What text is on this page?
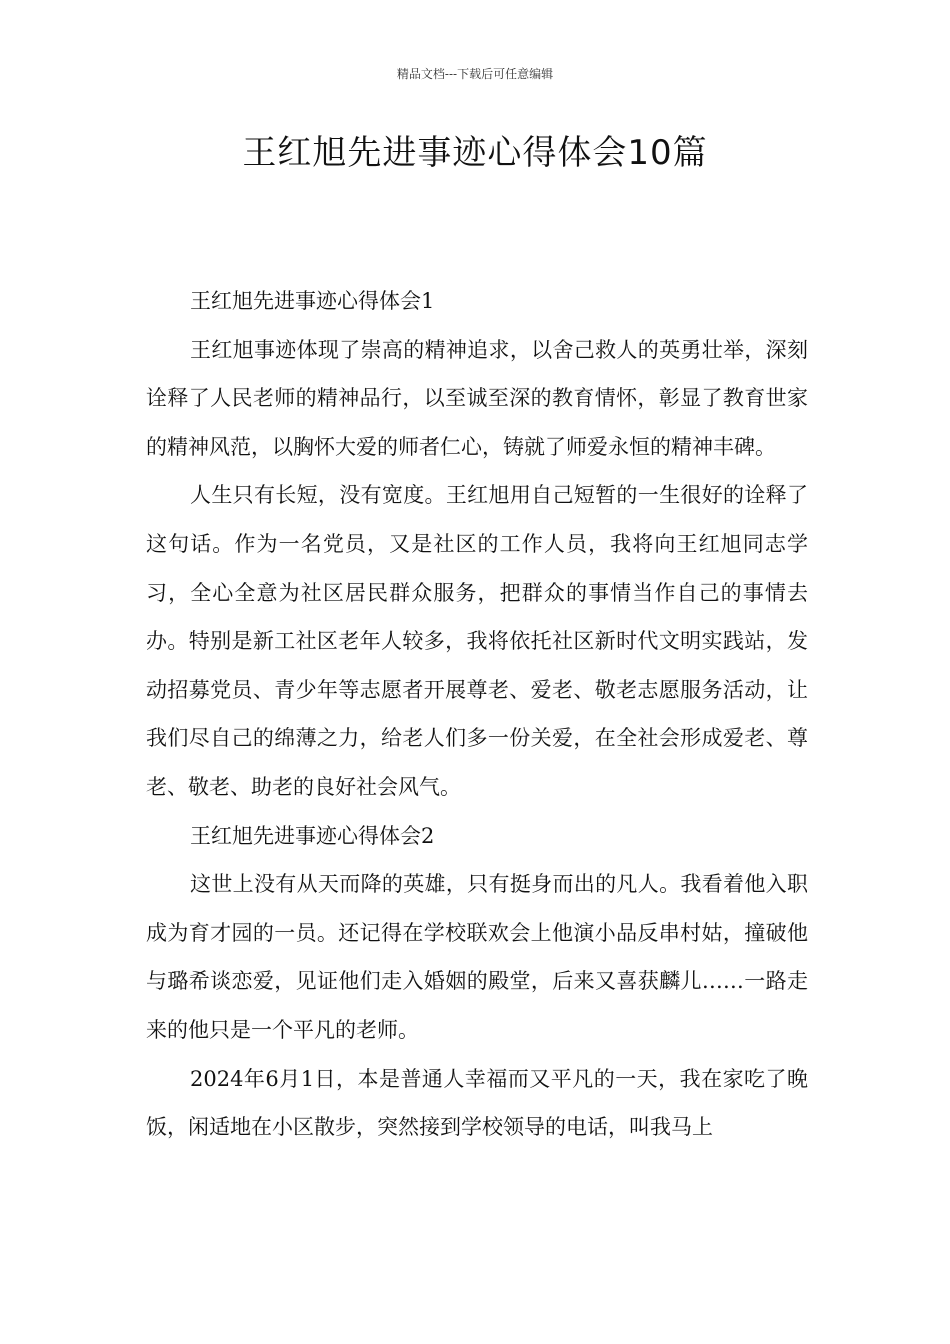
精品文档---下载后可任意编辑
王红旭先进事迹心得体会10篇

王红旭先进事迹心得体会1

王红旭事迹体现了崇高的精神追求，以舍己救人的英勇壮举，深刻诠释了人民老师的精神品行，以至诚至深的教育情怀，彰显了教育世家的精神风范，以胸怀大爱的师者仁心，铸就了师爱永恒的精神丰碑。

人生只有长短，没有宽度。王红旭用自己短暂的一生很好的诠释了这句话。作为一名党员，又是社区的工作人员，我将向王红旭同志学习，全心全意为社区居民群众服务，把群众的事情当作自己的事情去办。特别是新工社区老年人较多，我将依托社区新时代文明实践站，发动招募党员、青少年等志愿者开展尊老、爱老、敬老志愿服务活动，让我们尽自己的绵薄之力，给老人们多一份关爱，在全社会形成爱老、尊老、敬老、助老的良好社会风气。

王红旭先进事迹心得体会2

这世上没有从天而降的英雄，只有挺身而出的凡人。我看着他入职成为育才园的一员。还记得在学校联欢会上他演小品反串村姑，撞破他与璐希谈恋爱，见证他们走入婚姻的殿堂，后来又喜获麟儿……一路走来的他只是一个平凡的老师。

2024年6月1日，本是普通人幸福而又平凡的一天，我在家吃了晚饭，闲适地在小区散步，突然接到学校领导的电话，叫我马上
